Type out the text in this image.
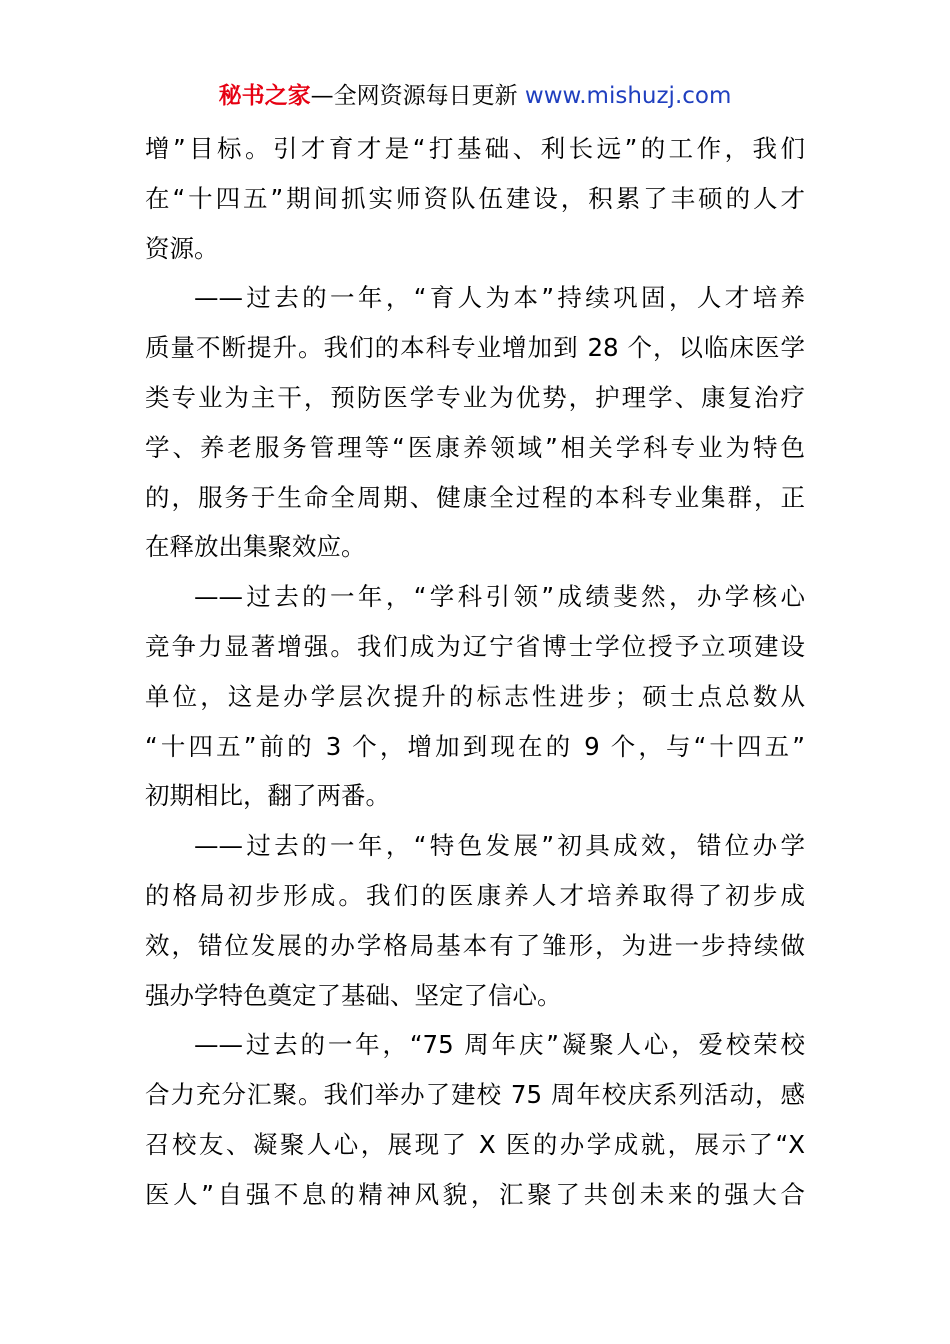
秘书之家—全网资源每日更新 www.mishuzj.com
增”目标。引才育才是“打基础、利长远”的工作，我们
在“十四五”期间抓实师资队伍建设，积累了丰硕的人才
资源。
——过去的一年，“育人为本”持续巩固，人才培养
质量不断提升。我们的本科专业增加到 28 个，以临床医学
类专业为主干，预防医学专业为优势，护理学、康复治疗
学、养老服务管理等“医康养领域”相关学科专业为特色
的，服务于生命全周期、健康全过程的本科专业集群，正
在释放出集聚效应。
——过去的一年，“学科引领”成绩斐然，办学核心
竞争力显著增强。我们成为辽宁省博士学位授予立项建设
单位，这是办学层次提升的标志性进步；硕士点总数从
“十四五”前的 3 个，增加到现在的 9 个，与“十四五”
初期相比，翻了两番。
——过去的一年，“特色发展”初具成效，错位办学
的格局初步形成。我们的医康养人才培养取得了初步成
效，错位发展的办学格局基本有了雏形，为进一步持续做
强办学特色奠定了基础、坚定了信心。
——过去的一年，“75 周年庆”凝聚人心，爱校荣校
合力充分汇聚。我们举办了建校 75 周年校庆系列活动，感
召校友、凝聚人心，展现了 X 医的办学成就，展示了“X
医人”自强不息的精神风貌，汇聚了共创未来的强大合
